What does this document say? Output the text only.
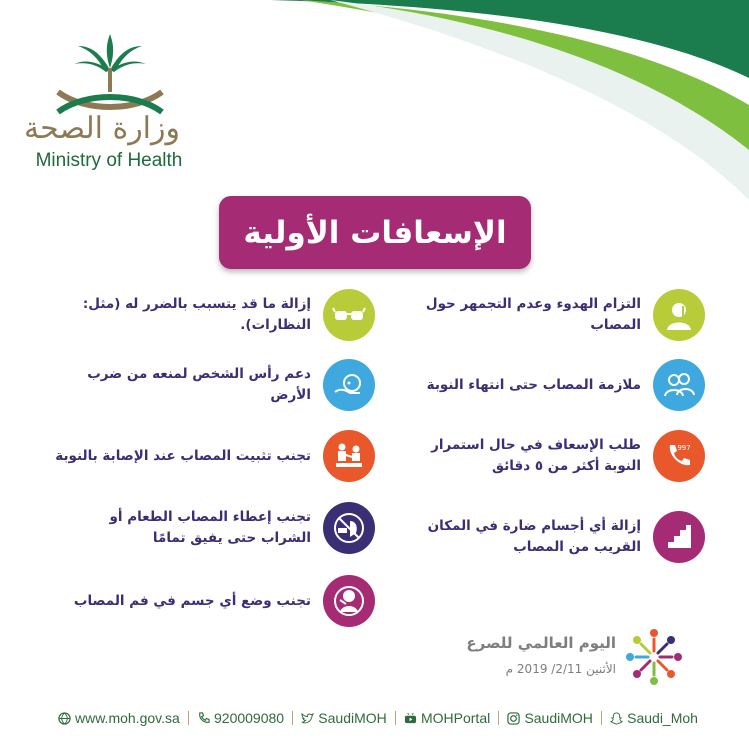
وزارة الصحة
Ministry of Health
الإسعافات الأولية
التزام الهدوء وعدم التجمهر حول المصاب
ملازمة المصاب حتى انتهاء النوبة
997
طلب الإسعاف في حال استمرار النوبة أكثر من ٥ دقائق
إزالة أي أجسام ضارة في المكان القريب من المصاب
إزالة ما قد يتسبب بالضرر له (مثل: النظارات).
دعم رأس الشخص لمنعه من ضرب الأرض
تجنب تثبيت المصاب عند الإصابة بالنوبة
تجنب إعطاء المصاب الطعام أو الشراب حتى يفيق تمامًا
تجنب وضع أي جسم في فم المصاب
اليوم العالمي للصرع
الأثنين 2/11/ 2019 م
www.moh.gov.sa 920009080 SaudiMOH MOHPortal SaudiMOH Saudi_Moh
